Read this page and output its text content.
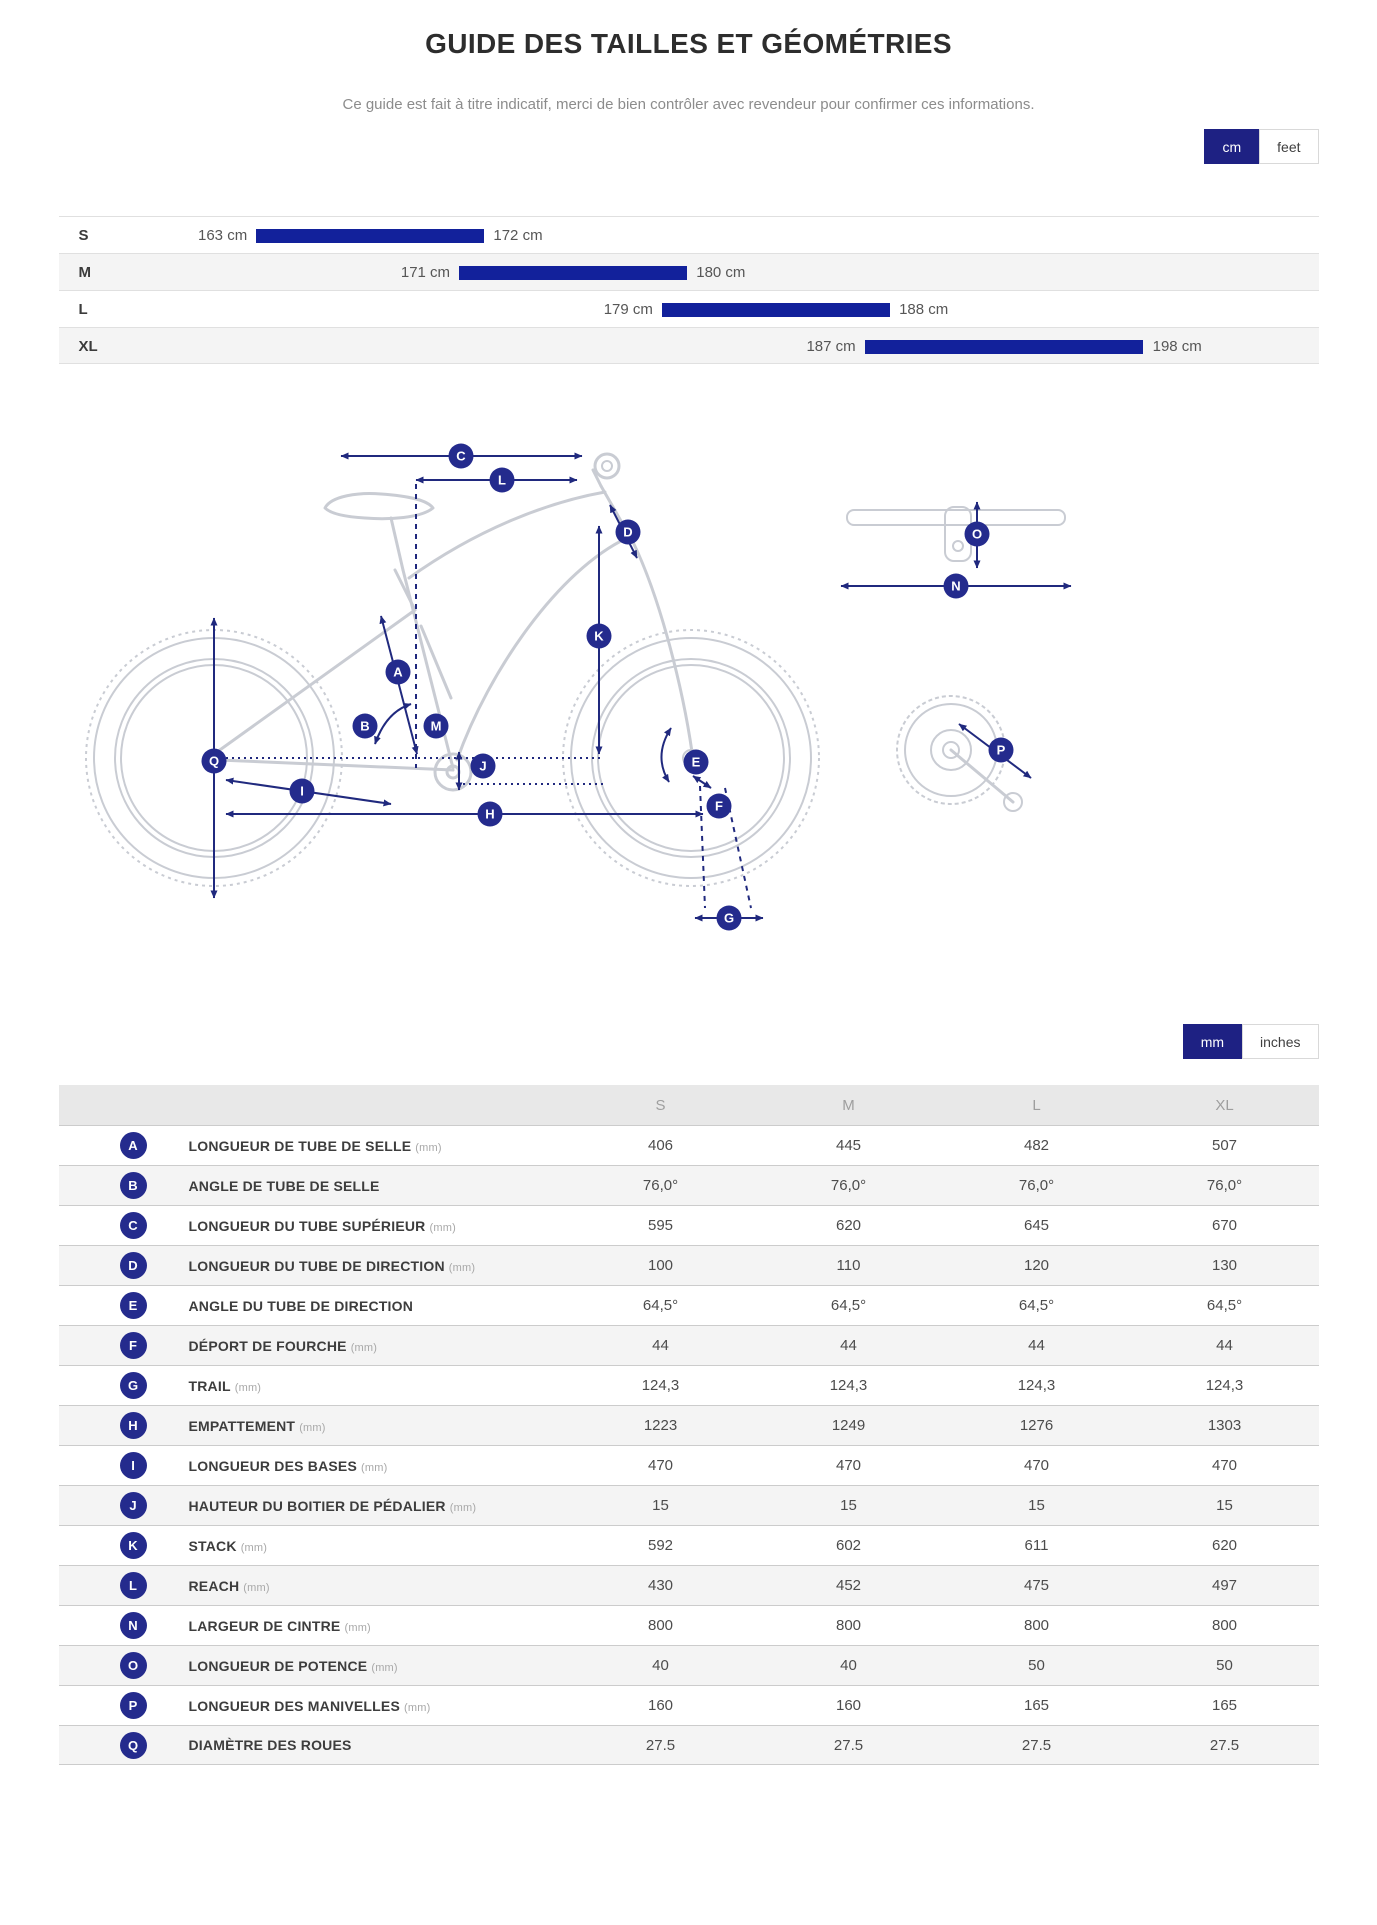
GUIDE DES TAILLES ET GÉOMÉTRIES

Ce guide est fait à titre indicatif, merci de bien contrôler avec revendeur pour confirmer ces informations.

cm	feet
S	163 cm	172 cm
M	171 cm	180 cm
L	179 cm	188 cm
XL	187 cm	198 cm
C
L
D
K
A
B	M
J
Q
I
E
F
H
G
O
N
P
mm	inches
S	M	L	XL
A	LONGUEUR DE TUBE DE SELLE (mm)	406	445	482	507
B	ANGLE DE TUBE DE SELLE	76,0°	76,0°	76,0°	76,0°
C	LONGUEUR DU TUBE SUPÉRIEUR (mm)	595	620	645	670
D	LONGUEUR DU TUBE DE DIRECTION (mm)	100	110	120	130
E	ANGLE DU TUBE DE DIRECTION	64,5°	64,5°	64,5°	64,5°
F	DÉPORT DE FOURCHE (mm)	44	44	44	44
G	TRAIL (mm)	124,3	124,3	124,3	124,3
H	EMPATTEMENT (mm)	1223	1249	1276	1303
I	LONGUEUR DES BASES (mm)	470	470	470	470
J	HAUTEUR DU BOITIER DE PÉDALIER (mm)	15	15	15	15
K	STACK (mm)	592	602	611	620
L	REACH (mm)	430	452	475	497
N	LARGEUR DE CINTRE (mm)	800	800	800	800
O	LONGUEUR DE POTENCE (mm)	40	40	50	50
P	LONGUEUR DES MANIVELLES (mm)	160	160	165	165
Q	DIAMÈTRE DES ROUES	27.5	27.5	27.5	27.5
